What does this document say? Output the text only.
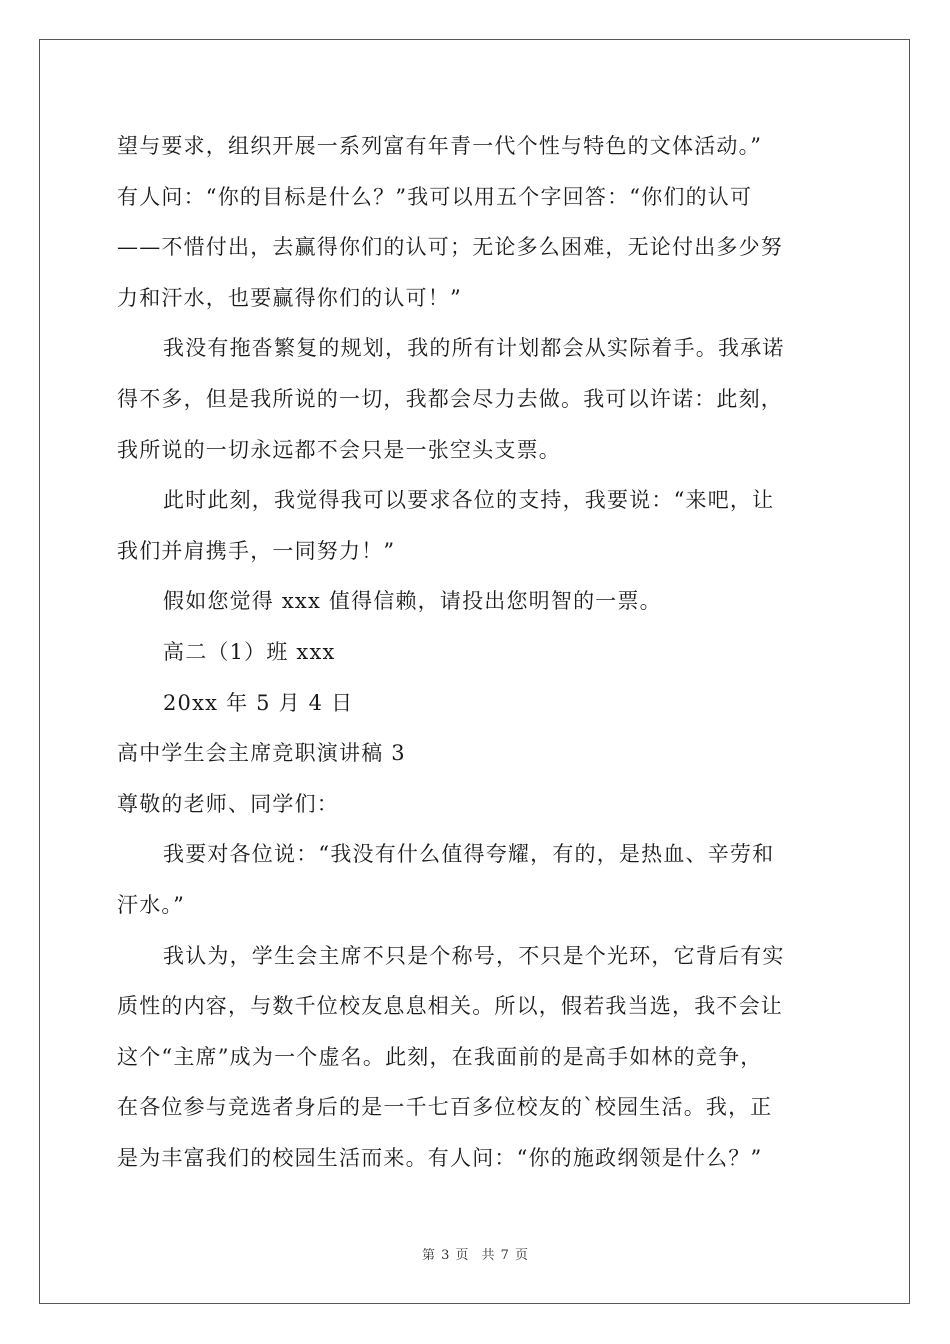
望与要求，组织开展一系列富有年青一代个性与特色的文体活动。”
有人问：“你的目标是什么？”我可以用五个字回答：“你们的认可
——不惜付出，去赢得你们的认可；无论多么困难，无论付出多少努
力和汗水，也要赢得你们的认可！”
我没有拖沓繁复的规划，我的所有计划都会从实际着手。我承诺
得不多，但是我所说的一切，我都会尽力去做。我可以许诺：此刻，
我所说的一切永远都不会只是一张空头支票。
此时此刻，我觉得我可以要求各位的支持，我要说：“来吧，让
我们并肩携手，一同努力！”
假如您觉得 xxx 值得信赖，请投出您明智的一票。
高二（1）班 xxx
20xx 年 5 月 4 日
高中学生会主席竞职演讲稿 3
尊敬的老师、同学们：
我要对各位说：“我没有什么值得夸耀，有的，是热血、辛劳和
汗水。”
我认为，学生会主席不只是个称号，不只是个光环，它背后有实
质性的内容，与数千位校友息息相关。所以，假若我当选，我不会让
这个“主席”成为一个虚名。此刻，在我面前的是高手如林的竞争，
在各位参与竞选者身后的是一千七百多位校友的`校园生活。我，正
是为丰富我们的校园生活而来。有人问：“你的施政纲领是什么？”
第 3 页　共 7 页
